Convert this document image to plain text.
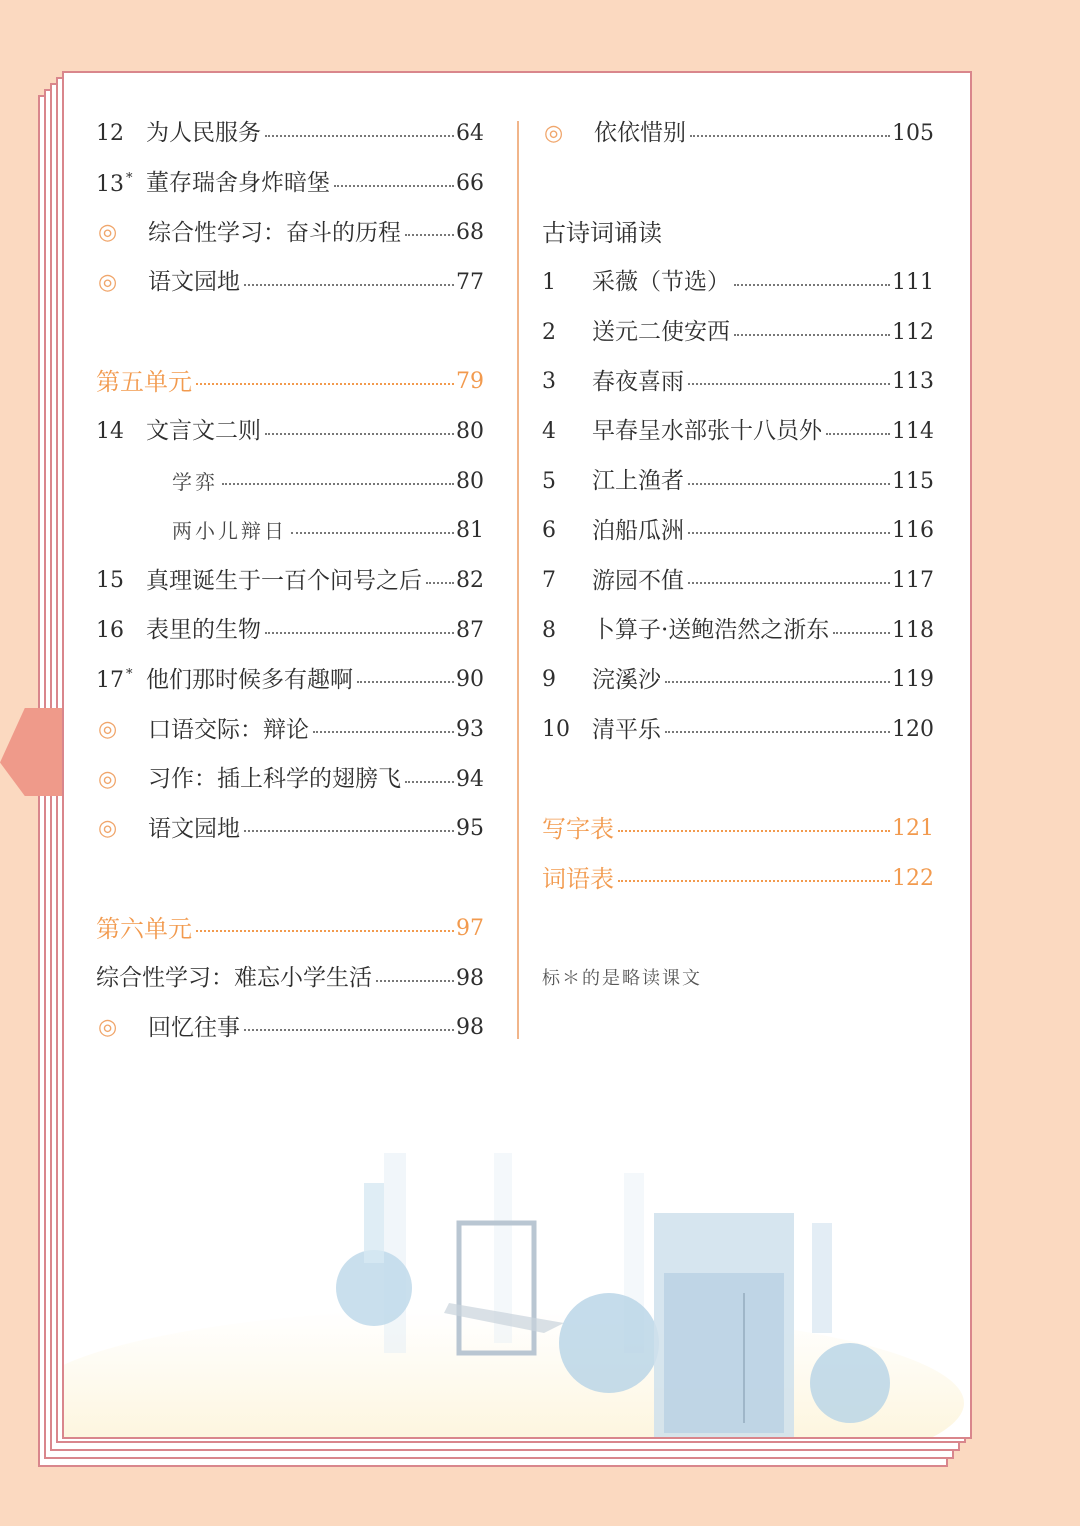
12 为人民服务	64
13 * 董存瑞舍身炸暗堡	66
◎	综合性学习：奋斗的历程	68
◎	语文园地	77
第五单元	79
14 文言文二则	80
学弈	80
两小儿辩日	81
15 真理诞生于一百个问号之后 82
16 表里的生物	87
17 * 他们那时候多有趣啊	90
◎	口语交际：辩论	93
◎	习作：插上科学的翅膀飞	94
◎	语文园地	95
第六单元	97
综合性学习：难忘小学生活	98
◎	回忆往事	98
◎	依依惜别	105
古诗词诵读
1	采薇（节选）	111
2	送元二使安西	112
3	春夜喜雨	113
4	早春呈水部张十八员外	114
5	江上渔者	115
6	泊船瓜洲	116
7	游园不值	117
8	卜算子·送鲍浩然之浙东	118
9	浣溪沙	119
10 清平乐	120
写字表	121
词语表	122
标＊的是略读课文
